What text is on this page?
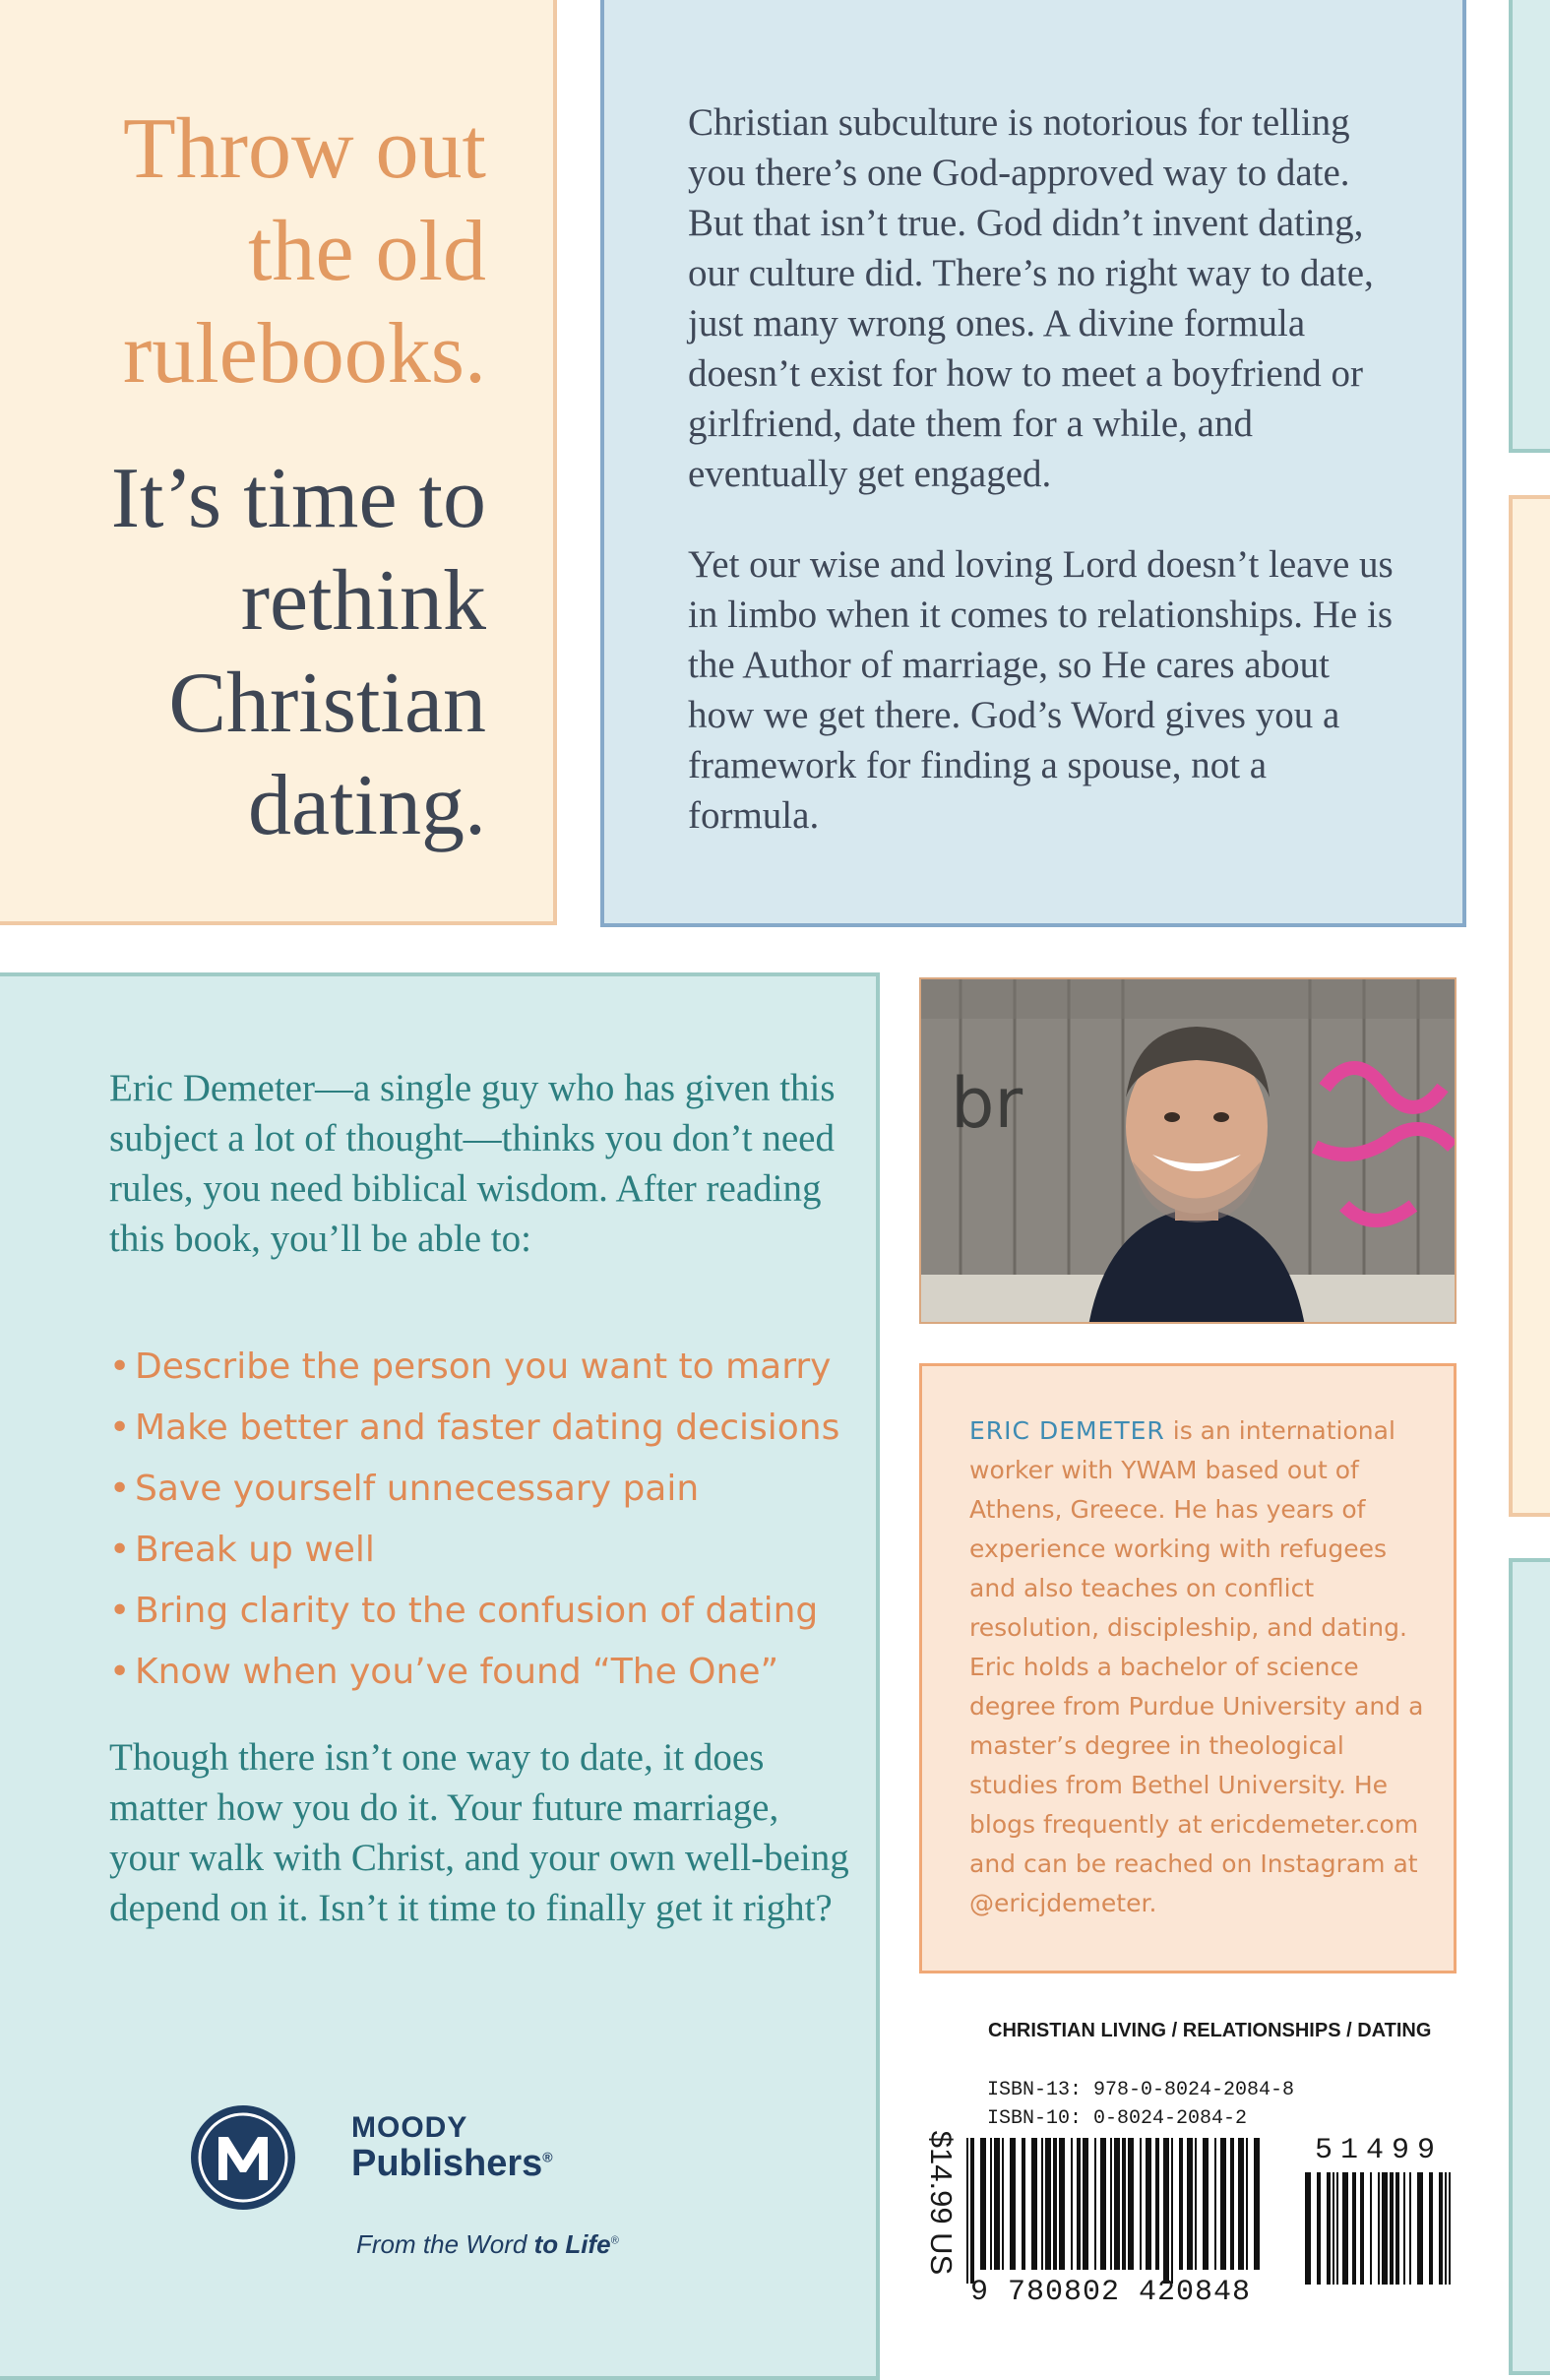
Throw out the old rulebooks.
It’s time to rethink Christian dating.

Christian subculture is notorious for telling you there’s one God-approved way to date. But that isn’t true. God didn’t invent dating, our culture did. There’s no right way to date, just many wrong ones. A divine formula doesn’t exist for how to meet a boyfriend or girlfriend, date them for a while, and eventually get engaged.

Yet our wise and loving Lord doesn’t leave us in limbo when it comes to relationships. He is the Author of marriage, so He cares about how we get there. God’s Word gives you a framework for finding a spouse, not a formula.

Eric Demeter—a single guy who has given this subject a lot of thought—thinks you don’t need rules, you need biblical wisdom. After reading this book, you’ll be able to:

• Describe the person you want to marry
• Make better and faster dating decisions
• Save yourself unnecessary pain
• Break up well
• Bring clarity to the confusion of dating
• Know when you’ve found “The One”

Though there isn’t one way to date, it does matter how you do it. Your future marriage, your walk with Christ, and your own well-being depend on it. Isn’t it time to finally get it right?

MOODY

Publishers®

From the Word to Life®

br

ERIC DEMETER is an international worker with YWAM based out of Athens, Greece. He has years of experience working with refugees and also teaches on conflict resolution, discipleship, and dating. Eric holds a bachelor of science degree from Purdue University and a master’s degree in theological studies from Bethel University. He blogs frequently at ericdemeter.com and can be reached on Instagram at @ericjdemeter.

CHRISTIAN LIVING / RELATIONSHIPS / DATING

$14.99 US

ISBN-13: 978-0-8024-2084-8

ISBN-10: 0-8024-2084-2

9 780802 420848

51499
